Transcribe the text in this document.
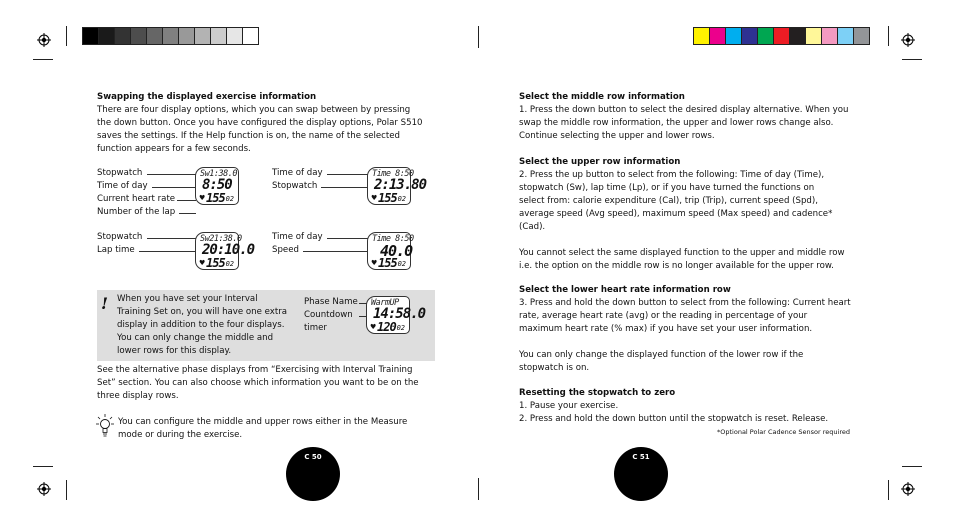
Swapping the displayed exercise information
There are four display options, which you can swap between by pressing
the down button. Once you have configured the display options, Polar S510
saves the settings. If the Help function is on, the name of the selected
function appears for a few seconds.
Stopwatch
Time of day
Current heart rate
Number of the lap
Sw1:38.0
8:50
155 02
♥
Time of day
Stopwatch
Time 8:50
2:13.80
155 02
♥
Stopwatch
Lap time
Sw21:38.0
20:10.0
155 02
♥
Time of day
Speed
Time 8:50
40.0
155 02
♥
! When you have set your Interval
Training Set on, you will have one extra
display in addition to the four displays.
You can only change the middle and
lower rows for this display.
Phase Name
Countdown
timer
WarmUP
14:58.0
120 02
♥
See the alternative phase displays from “Exercising with Interval Training
Set” section. You can also choose which information you want to be on the
three display rows.
You can configure the middle and upper rows either in the Measure
mode or during the exercise.
C 50
Select the middle row information
1. Press the down button to select the desired display alternative. When you
swap the middle row information, the upper and lower rows change also.
Continue selecting the upper and lower rows.
Select the upper row information
2. Press the up button to select from the following: Time of day (Time),
stopwatch (Sw), lap time (Lp), or if you have turned the functions on
select from: calorie expenditure (Cal), trip (Trip), current speed (Spd),
average speed (Avg speed), maximum speed (Max speed) and cadence*
(Cad).
You cannot select the same displayed function to the upper and middle row
i.e. the option on the middle row is no longer available for the upper row.
Select the lower heart rate information row
3. Press and hold the down button to select from the following: Current heart
rate, average heart rate (avg) or the reading in percentage of your
maximum heart rate (% max) if you have set your user information.
You can only change the displayed function of the lower row if the
stopwatch is on.
Resetting the stopwatch to zero
1. Pause your exercise.
2. Press and hold the down button until the stopwatch is reset. Release.
*Optional Polar Cadence Sensor required
C 51
